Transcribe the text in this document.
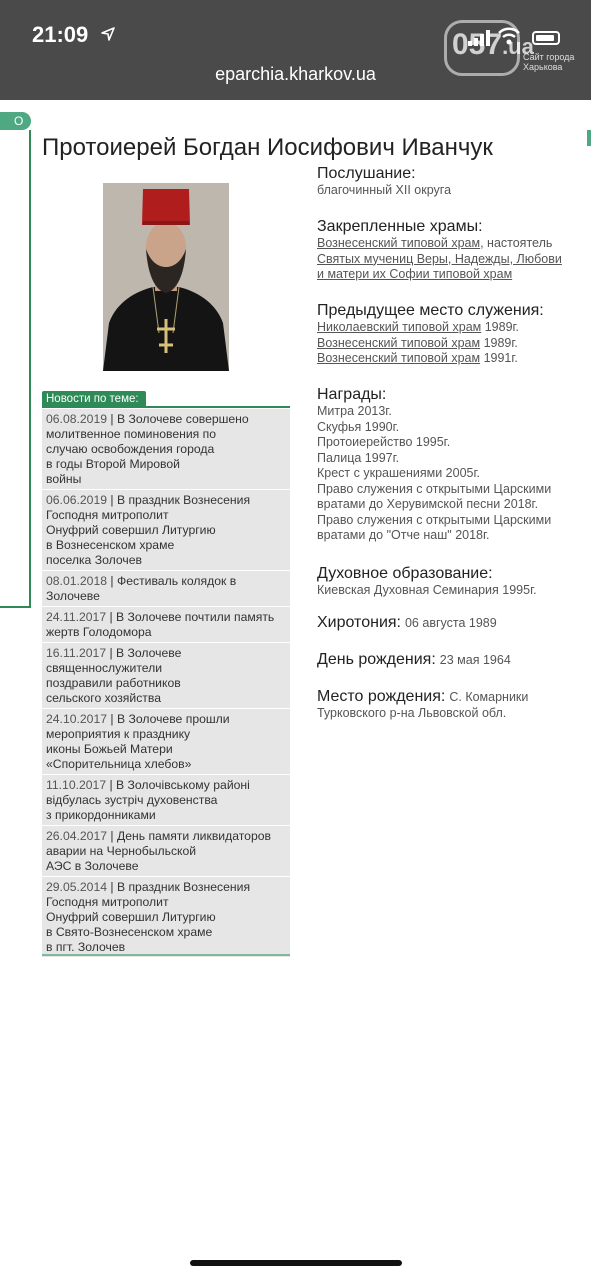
21:09
eparchia.kharkov.ua
057.ua
Сайт города Харькова
О
Протоиерей Богдан Иосифович Иванчук
Послушание:
благочинный XII округа
Закрепленные храмы:
Вознесенский типовой храм, настоятель
Святых мучениц Веры, Надежды, Любови
и матери их Софии типовой храм
Предыдущее место служения:
Николаевский типовой храм 1989г.
Вознесенский типовой храм 1989г.
Вознесенский типовой храм 1991г.
Награды:
Митра 2013г.
Скуфья 1990г.
Протоиерейство 1995г.
Палица 1997г.
Крест с украшениями 2005г.
Право служения с открытыми Царскими
вратами до Херувимской песни 2018г.
Право служения с открытыми Царскими
вратами до "Отче наш" 2018г.
Духовное образование:
Киевская Духовная Семинария 1995г.
Хиротония: 06 августа 1989
День рождения: 23 мая 1964
Место рождения: С. Комарники
Турковского р-на Львовской обл.
Новости по теме:
06.08.2019 | В Золочеве совершено
молитвенное поминовения по
случаю освобождения города
в годы Второй Мировой
войны
06.06.2019 | В праздник Вознесения
Господня митрополит
Онуфрий совершил Литургию
в Вознесенском храме
поселка Золочев
08.01.2018 | Фестиваль колядок в
Золочеве
24.11.2017 | В Золочеве почтили память
жертв Голодомора
16.11.2017 | В Золочеве
священнослужители
поздравили работников
сельского хозяйства
24.10.2017 | В Золочеве прошли
мероприятия к празднику
иконы Божьей Матери
«Спорительница хлебов»
11.10.2017 | В Золочівському районі
відбулась зустріч духовенства
з прикордонниками
26.04.2017 | День памяти ликвидаторов
аварии на Чернобыльской
АЭС в Золочеве
29.05.2014 | В праздник Вознесения
Господня митрополит
Онуфрий совершил Литургию
в Свято-Вознесенском храме
в пгт. Золочев
